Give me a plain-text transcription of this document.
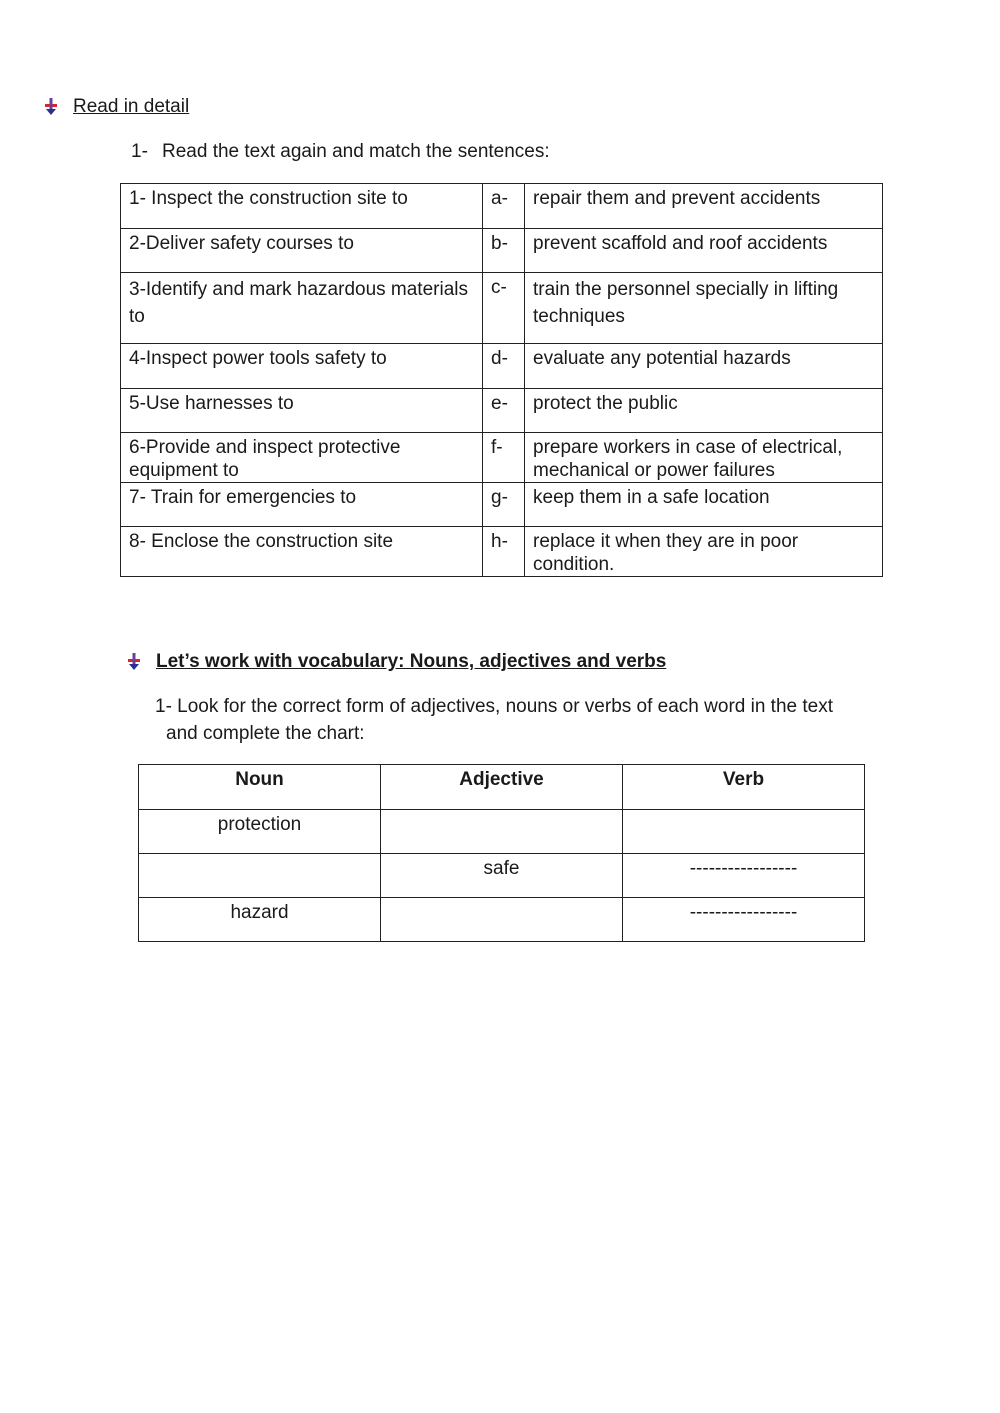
Read in detail
1- Read the text again and match the sentences:
1- Inspect the construction site to	a-	repair them and prevent accidents
2-Deliver safety courses to	b-	prevent scaffold and roof accidents
3-Identify and mark hazardous materials to	c-	train the personnel specially in lifting techniques
4-Inspect power tools safety to	d-	evaluate any potential hazards
5-Use harnesses to	e-	protect the public
6-Provide and inspect protective equipment to	f-	prepare workers in case of electrical, mechanical or power failures
7- Train for emergencies to	g-	keep them in a safe location
8- Enclose the construction site	h-	replace it when they are in poor condition.
Let’s work with vocabulary: Nouns, adjectives and verbs
1- Look for the correct form of adjectives, nouns or verbs of each word in the text
and complete the chart:
Noun	Adjective	Verb
protection		
	safe	-----------------
hazard		-----------------
